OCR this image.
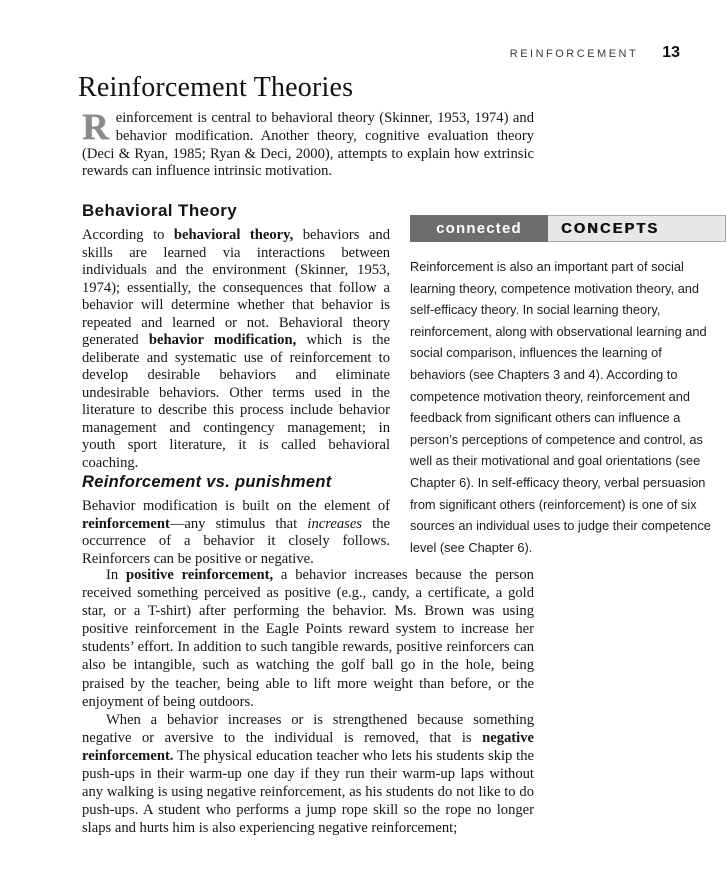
REINFORCEMENT 13
Reinforcement Theories
Reinforcement is central to behavioral theory (Skinner, 1953, 1974) and behavior modification. Another theory, cognitive evaluation theory (Deci & Ryan, 1985; Ryan & Deci, 2000), attempts to explain how extrinsic rewards can influence intrinsic motivation.
Behavioral Theory
According to behavioral theory, behaviors and skills are learned via interactions between individuals and the environment (Skinner, 1953, 1974); essentially, the consequences that follow a behavior will determine whether that behavior is repeated and learned or not. Behavioral theory generated behavior modification, which is the deliberate and systematic use of reinforcement to develop desirable behaviors and eliminate undesirable behaviors. Other terms used in the literature to describe this process include behavior management and contingency management; in youth sport literature, it is called behavioral coaching.
connected	CONCEPTS
Reinforcement is also an important part of social learning theory, competence motivation theory, and self-efficacy theory. In social learning theory, reinforcement, along with observational learning and social comparison, influences the learning of behaviors (see Chapters 3 and 4). According to competence motivation theory, reinforcement and feedback from significant others can influence a person’s perceptions of competence and control, as well as their motivational and goal orientations (see Chapter 6). In self-efficacy theory, verbal persuasion from significant others (reinforcement) is one of six sources an individual uses to judge their competence level (see Chapter 6).
Reinforcement vs. punishment
Behavior modification is built on the element of reinforcement—any stimulus that increases the occurrence of a behavior it closely follows. Reinforcers can be positive or negative.

In positive reinforcement, a behavior increases because the person received something perceived as positive (e.g., candy, a certificate, a gold star, or a T-shirt) after performing the behavior. Ms. Brown was using positive reinforcement in the Eagle Points reward system to increase her students’ effort. In addition to such tangible rewards, positive reinforcers can also be intangible, such as watching the golf ball go in the hole, being praised by the teacher, being able to lift more weight than before, or the enjoyment of being outdoors.

When a behavior increases or is strengthened because something negative or aversive to the individual is removed, that is negative reinforcement. The physical education teacher who lets his students skip the push-ups in their warm-up one day if they run their warm-up laps without any walking is using negative reinforcement, as his students do not like to do push-ups. A student who performs a jump rope skill so the rope no longer slaps and hurts him is also experiencing negative reinforcement;
